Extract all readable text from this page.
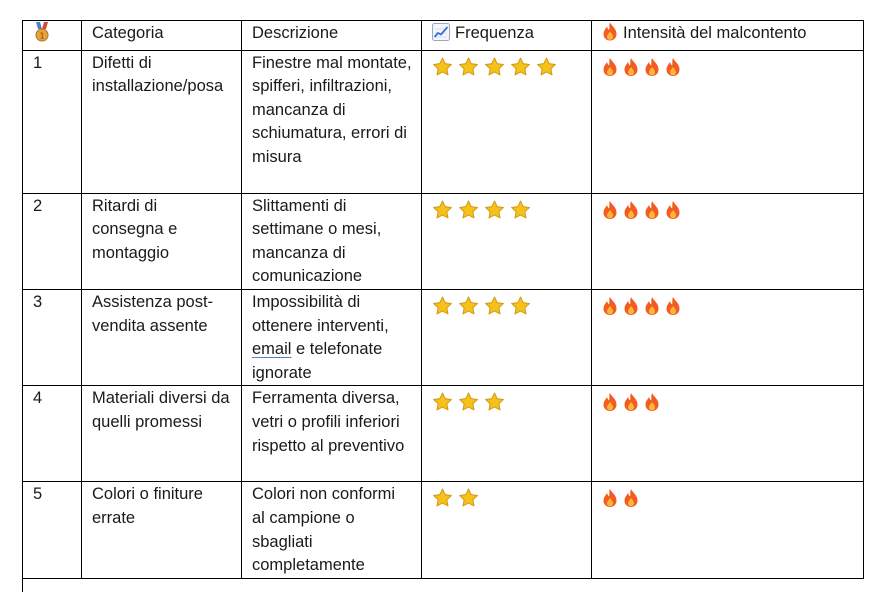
1	Categoria	Descrizione	Frequenza	Intensità del malcontento
1	Difetti di installazione/posa	Finestre mal montate, spifferi, infiltrazioni, mancanza di schiumatura, errori di misura	

2	Ritardi di consegna e montaggio	Slittamenti di settimane o mesi, mancanza di comunicazione	

3	Assistenza post-vendita assente	Impossibilità di ottenere interventi, email e telefonate ignorate	

4	Materiali diversi da quelli promessi	Ferramenta diversa, vetri o profili inferiori rispetto al preventivo	

5	Colori o finiture errate	Colori non conformi al campione o sbagliati completamente	
